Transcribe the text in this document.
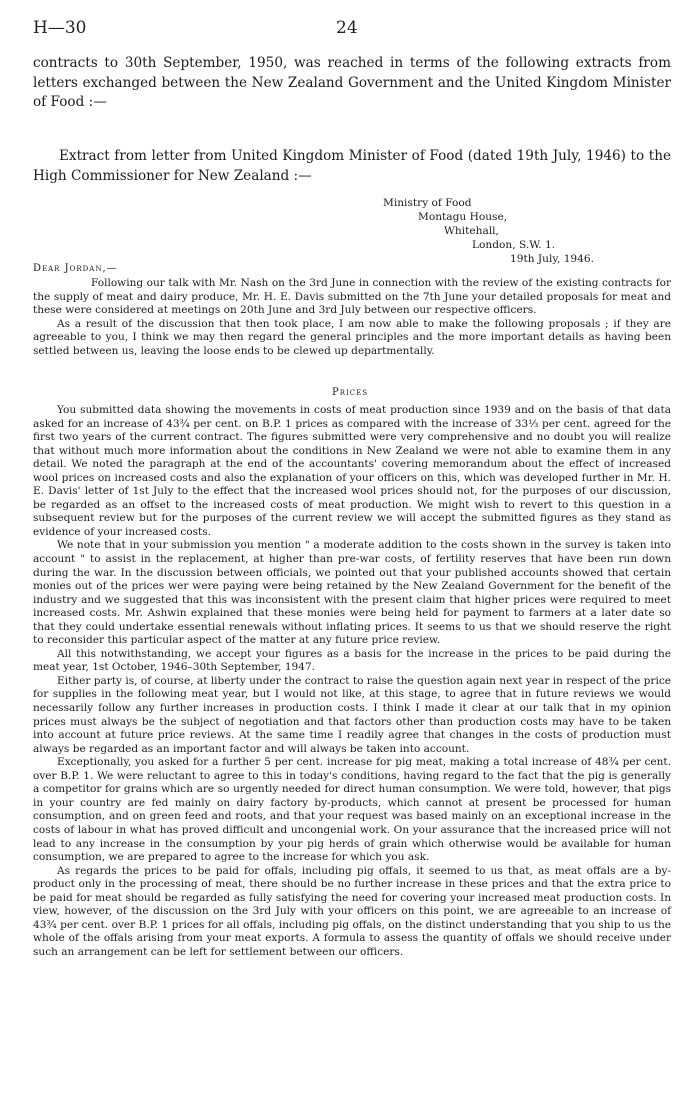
H—30	24
contracts to 30th September, 1950, was reached in terms of the following extracts from letters exchanged between the New Zealand Government and the United Kingdom Minister of Food :—
Extract from letter from United Kingdom Minister of Food (dated 19th July, 1946) to the High Commissioner for New Zealand :—
Ministry of Food
Montagu House,
Whitehall,
London, S.W. 1.
19th July, 1946.
Dear Jordan,—

Following our talk with Mr. Nash on the 3rd June in connection with the review of the existing contracts for the supply of meat and dairy produce, Mr. H. E. Davis submitted on the 7th June your detailed proposals for meat and these were considered at meetings on 20th June and 3rd July between our respective officers.

As a result of the discussion that then took place, I am now able to make the following proposals ; if they are agreeable to you, I think we may then regard the general principles and the more important details as having been settled between us, leaving the loose ends to be clewed up departmentally.

Prices

You submitted data showing the movements in costs of meat production since 1939 and on the basis of that data asked for an increase of 43¾ per cent. on B.P. 1 prices as compared with the increase of 33⅓ per cent. agreed for the first two years of the current contract. The figures submitted were very comprehensive and no doubt you will realize that without much more information about the conditions in New Zealand we were not able to examine them in any detail. We noted the paragraph at the end of the accountants' covering memorandum about the effect of increased wool prices on increased costs and also the explanation of your officers on this, which was developed further in Mr. H. E. Davis' letter of 1st July to the effect that the increased wool prices should not, for the purposes of our discussion, be regarded as an offset to the increased costs of meat production. We might wish to revert to this question in a subsequent review but for the purposes of the current review we will accept the submitted figures as they stand as evidence of your increased costs.

We note that in your submission you mention " a moderate addition to the costs shown in the survey is taken into account " to assist in the replacement, at higher than pre-war costs, of fertility reserves that have been run down during the war. In the discussion between officials, we pointed out that your published accounts showed that certain monies out of the prices wer were paying were being retained by the New Zealand Government for the benefit of the industry and we suggested that this was inconsistent with the present claim that higher prices were required to meet increased costs. Mr. Ashwin explained that these monies were being held for payment to farmers at a later date so that they could undertake essential renewals without inflating prices. It seems to us that we should reserve the right to reconsider this particular aspect of the matter at any future price review.

All this notwithstanding, we accept your figures as a basis for the increase in the prices to be paid during the meat year, 1st October, 1946–30th September, 1947.

Either party is, of course, at liberty under the contract to raise the question again next year in respect of the price for supplies in the following meat year, but I would not like, at this stage, to agree that in future reviews we would necessarily follow any further increases in production costs. I think I made it clear at our talk that in my opinion prices must always be the subject of negotiation and that factors other than production costs may have to be taken into account at future price reviews. At the same time I readily agree that changes in the costs of production must always be regarded as an important factor and will always be taken into account.

Exceptionally, you asked for a further 5 per cent. increase for pig meat, making a total increase of 48¾ per cent. over B.P. 1. We were reluctant to agree to this in today's conditions, having regard to the fact that the pig is generally a competitor for grains which are so urgently needed for direct human consumption. We were told, however, that pigs in your country are fed mainly on dairy factory by-products, which cannot at present be processed for human consumption, and on green feed and roots, and that your request was based mainly on an exceptional increase in the costs of labour in what has proved difficult and uncongenial work. On your assurance that the increased price will not lead to any increase in the consumption by your pig herds of grain which otherwise would be available for human consumption, we are prepared to agree to the increase for which you ask.

As regards the prices to be paid for offals, including pig offals, it seemed to us that, as meat offals are a by-product only in the processing of meat, there should be no further increase in these prices and that the extra price to be paid for meat should be regarded as fully satisfying the need for covering your increased meat production costs. In view, however, of the discussion on the 3rd July with your officers on this point, we are agreeable to an increase of 43¾ per cent. over B.P. 1 prices for all offals, including pig offals, on the distinct understanding that you ship to us the whole of the offals arising from your meat exports. A formula to assess the quantity of offals we should receive under such an arrangement can be left for settlement between our officers.
